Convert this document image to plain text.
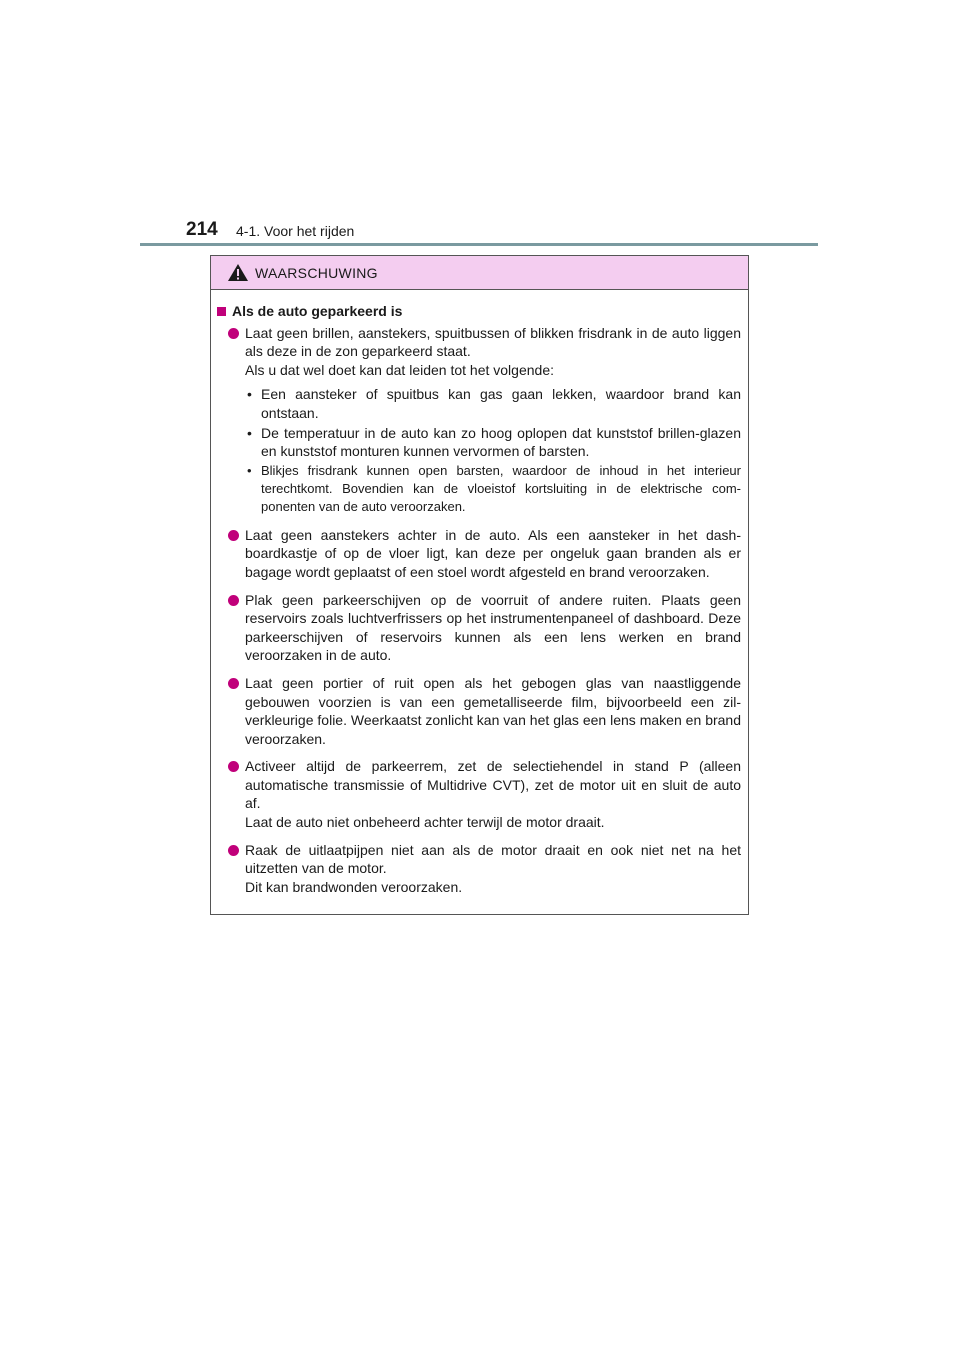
214 4-1. Voor het rijden
WAARSCHUWING
Als de auto geparkeerd is

Laat geen brillen, aanstekers, spuitbussen of blikken frisdrank in de auto liggen als deze in de zon geparkeerd staat.

Als u dat wel doet kan dat leiden tot het volgende:

• Een aansteker of spuitbus kan gas gaan lekken, waardoor brand kan ontstaan.
• De temperatuur in de auto kan zo hoog oplopen dat kunststof brillen-glazen en kunststof monturen kunnen vervormen of barsten.
• Blikjes frisdrank kunnen open barsten, waardoor de inhoud in het interieur terechtkomt. Bovendien kan de vloeistof kortsluiting in de elektrische com-ponenten van de auto veroorzaken.

Laat geen aanstekers achter in de auto. Als een aansteker in het dash-boardkastje of op de vloer ligt, kan deze per ongeluk gaan branden als er bagage wordt geplaatst of een stoel wordt afgesteld en brand veroorzaken.

Plak geen parkeerschijven op de voorruit of andere ruiten. Plaats geen reservoirs zoals luchtverfrissers op het instrumentenpaneel of dashboard. Deze parkeerschijven of reservoirs kunnen als een lens werken en brand veroorzaken in de auto.

Laat geen portier of ruit open als het gebogen glas van naastliggende gebouwen voorzien is van een gemetalliseerde film, bijvoorbeeld een zil-verkleurige folie. Weerkaatst zonlicht kan van het glas een lens maken en brand veroorzaken.

Activeer altijd de parkeerrem, zet de selectiehendel in stand P (alleen automatische transmissie of Multidrive CVT), zet de motor uit en sluit de auto af.

Laat de auto niet onbeheerd achter terwijl de motor draait.

Raak de uitlaatpijpen niet aan als de motor draait en ook niet net na het uitzetten van de motor.

Dit kan brandwonden veroorzaken.
